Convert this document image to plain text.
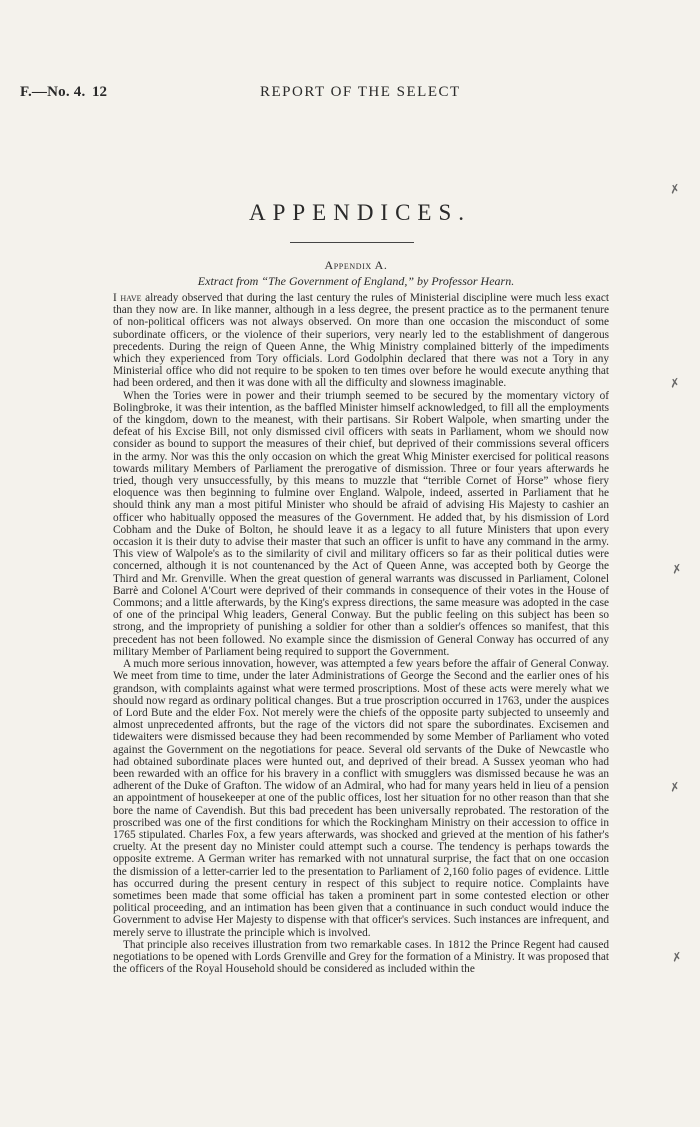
F.—No. 4. 12	REPORT OF THE SELECT
APPENDICES.
Appendix A.
Extract from “The Government of England,” by Professor Hearn.

I have already observed that during the last century the rules of Ministerial discipline were much less exact than they now are. In like manner, although in a less degree, the present practice as to the permanent tenure of non-political officers was not always observed. On more than one occasion the misconduct of some subordinate officers, or the violence of their superiors, very nearly led to the establishment of dangerous precedents. During the reign of Queen Anne, the Whig Ministry complained bitterly of the impediments which they experienced from Tory officials. Lord Godolphin declared that there was not a Tory in any Ministerial office who did not require to be spoken to ten times over before he would execute anything that had been ordered, and then it was done with all the difficulty and slowness imaginable.

When the Tories were in power and their triumph seemed to be secured by the momentary victory of Bolingbroke, it was their intention, as the baffled Minister himself acknowledged, to fill all the employments of the kingdom, down to the meanest, with their partisans. Sir Robert Walpole, when smarting under the defeat of his Excise Bill, not only dismissed civil officers with seats in Parliament, whom we should now consider as bound to support the measures of their chief, but deprived of their commissions several officers in the army. Nor was this the only occasion on which the great Whig Minister exercised for political reasons towards military Members of Parliament the prerogative of dismission. Three or four years afterwards he tried, though very unsuccessfully, by this means to muzzle that “terrible Cornet of Horse” whose fiery eloquence was then beginning to fulmine over England. Walpole, indeed, asserted in Parliament that he should think any man a most pitiful Minister who should be afraid of advising His Majesty to cashier an officer who habitually opposed the measures of the Government. He added that, by his dismission of Lord Cobham and the Duke of Bolton, he should leave it as a legacy to all future Ministers that upon every occasion it is their duty to advise their master that such an officer is unfit to have any command in the army. This view of Walpole's as to the similarity of civil and military officers so far as their political duties were concerned, although it is not countenanced by the Act of Queen Anne, was accepted both by George the Third and Mr. Grenville. When the great question of general warrants was discussed in Parliament, Colonel Barrè and Colonel A'Court were deprived of their commands in consequence of their votes in the House of Commons; and a little afterwards, by the King's express directions, the same measure was adopted in the case of one of the principal Whig leaders, General Conway. But the public feeling on this subject has been so strong, and the impropriety of punishing a soldier for other than a soldier's offences so manifest, that this precedent has not been followed. No example since the dismission of General Conway has occurred of any military Member of Parliament being required to support the Government.

A much more serious innovation, however, was attempted a few years before the affair of General Conway. We meet from time to time, under the later Administrations of George the Second and the earlier ones of his grandson, with complaints against what were termed proscriptions. Most of these acts were merely what we should now regard as ordinary political changes. But a true proscription occurred in 1763, under the auspices of Lord Bute and the elder Fox. Not merely were the chiefs of the opposite party subjected to unseemly and almost unprecedented affronts, but the rage of the victors did not spare the subordinates. Excisemen and tidewaiters were dismissed because they had been recommended by some Member of Parliament who voted against the Government on the negotiations for peace. Several old servants of the Duke of Newcastle who had obtained subordinate places were hunted out, and deprived of their bread. A Sussex yeoman who had been rewarded with an office for his bravery in a conflict with smugglers was dismissed because he was an adherent of the Duke of Grafton. The widow of an Admiral, who had for many years held in lieu of a pension an appointment of housekeeper at one of the public offices, lost her situation for no other reason than that she bore the name of Cavendish. But this bad precedent has been universally reprobated. The restoration of the proscribed was one of the first conditions for which the Rockingham Ministry on their accession to office in 1765 stipulated. Charles Fox, a few years afterwards, was shocked and grieved at the mention of his father's cruelty. At the present day no Minister could attempt such a course. The tendency is perhaps towards the opposite extreme. A German writer has remarked with not unnatural surprise, the fact that on one occasion the dismission of a letter-carrier led to the presentation to Parliament of 2,160 folio pages of evidence. Little has occurred during the present century in respect of this subject to require notice. Complaints have sometimes been made that some official has taken a prominent part in some contested election or other political proceeding, and an intimation has been given that a continuance in such conduct would induce the Government to advise Her Majesty to dispense with that officer's services. Such instances are infrequent, and merely serve to illustrate the principle which is involved.

That principle also receives illustration from two remarkable cases. In 1812 the Prince Regent had caused negotiations to be opened with Lords Grenville and Grey for the formation of a Ministry. It was proposed that the officers of the Royal Household should be considered as included within the

✗
✗
✗
✗
✗
